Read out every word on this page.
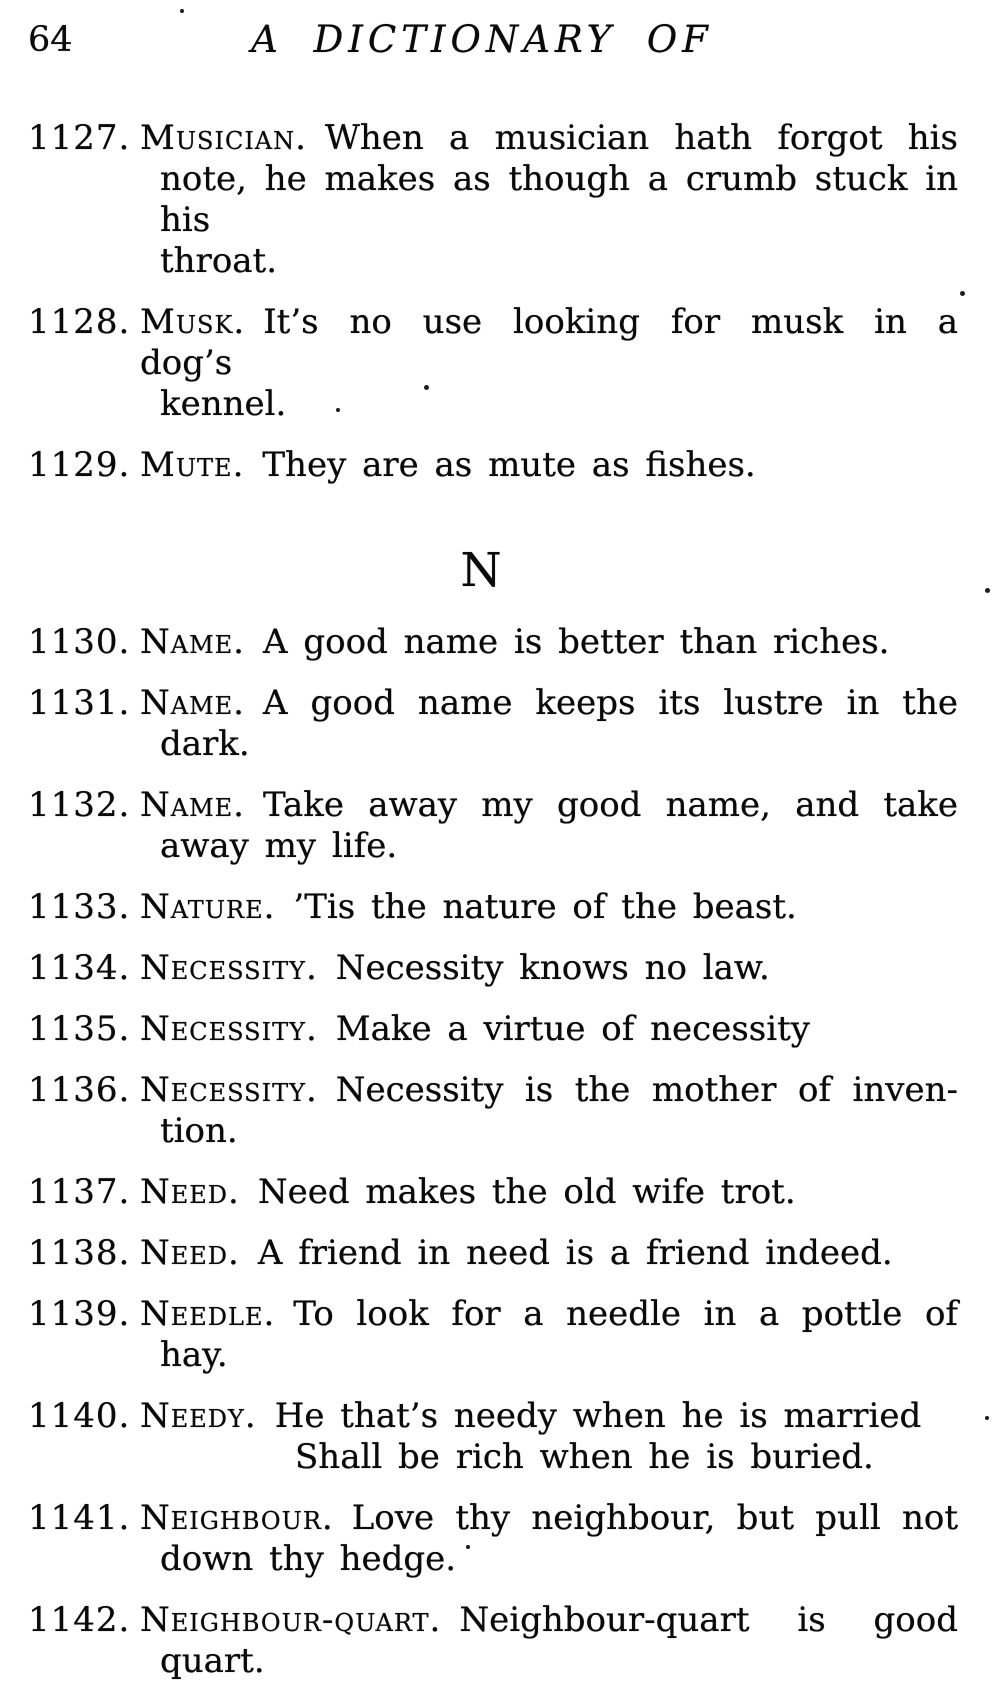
64	A DICTIONARY OF
1127. Musician. When a musician hath forgot his
note, he makes as though a crumb stuck in his
throat.
1128. Musk. It’s no use looking for musk in a dog’s
kennel.
1129. Mute. They are as mute as fishes.
N
1130. Name. A good name is better than riches.
1131. Name. A good name keeps its lustre in the
dark.
1132. Name. Take away my good name, and take
away my life.
1133. Nature. ’Tis the nature of the beast.
1134. Necessity. Necessity knows no law.
1135. Necessity. Make a virtue of necessity
1136. Necessity. Necessity is the mother of inven-
tion.
1137. Need. Need makes the old wife trot.
1138. Need. A friend in need is a friend indeed.
1139. Needle. To look for a needle in a pottle of
hay.
1140. Needy. He that’s needy when he is married
Shall be rich when he is buried.
1141. Neighbour. Love thy neighbour, but pull not
down thy hedge.
1142. Neighbour-quart. Neighbour-quart is good
quart.
